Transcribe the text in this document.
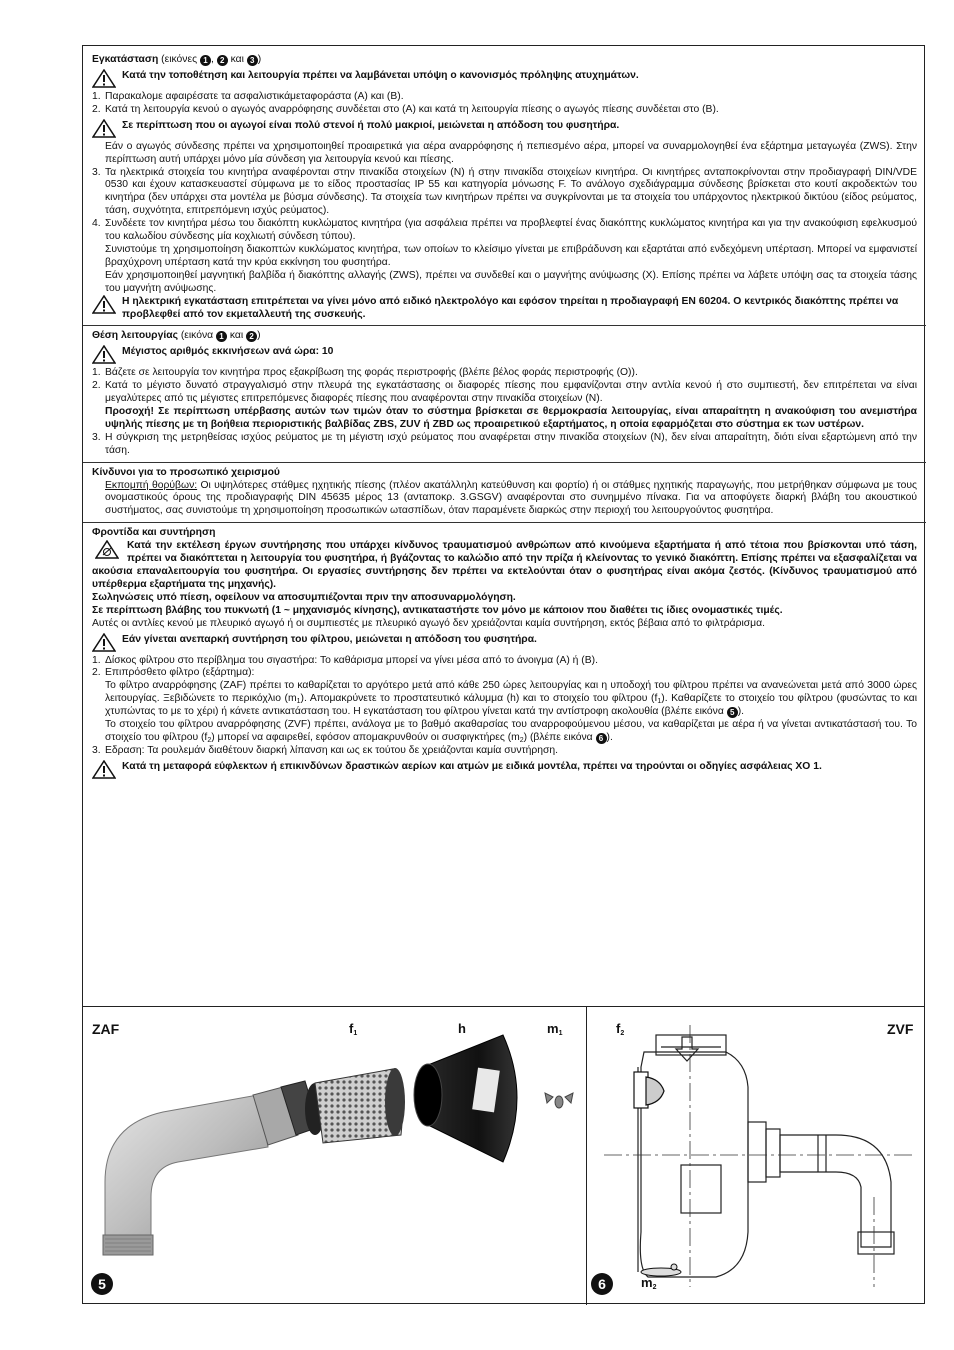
Εγκατάσταση (εικόνες 1 , 2 και 3 )

Κατά την τοποθέτηση και λειτουργία πρέπει να λαμβάνεται υπόψη ο κανονισμός πρόληψης ατυχημάτων.
1. Παρακαλομε αφαιρέσατε τα ασφαλιστικάμεταφοράστα (A) και (B).
2. Κατά τη λειτουργία κενού ο αγωγός αναρρόφησης συνδέεται στο (A) και κατά τη λειτουργία πίεσης ο αγωγός πίεσης συνδέεται στο (B).
Σε περίπτωση που οι αγωγοί είναι πολύ στενοί ή πολύ μακριοί, μειώνεται η απόδοση του φυσητήρα.

Εάν ο αγωγός σύνδεσης πρέπει να χρησιμοποιηθεί προαιρετικά για αέρα αναρρόφησης ή πεπιεσμένο αέρα, μπορεί να συναρμολογηθεί ένα εξάρτημα μεταγωγέα (ZWS). Στην περίπτωση αυτή υπάρχει μόνο μία σύνδεση για λειτουργία κενού και πίεσης.

3. Τα ηλεκτρικά στοιχεία του κινητήρα αναφέρονται στην πινακίδα στοιχείων (N) ή στην πινακίδα στοιχείων κινητήρα. Οι κινητήρες ανταποκρίνονται στην προδιαγραφή DIN/VDE 0530 και έχουν κατασκευαστεί σύμφωνα με το είδος προστασίας IP 55 και κατηγορία μόνωσης F. Το ανάλογο σχεδιάγραμμα σύνδεσης βρίσκεται στο κουτί ακροδεκτών του κινητήρα (δεν υπάρχει στα μοντέλα με βύσμα σύνδεσης). Τα στοιχεία των κινητήρων πρέπει να συγκρίνονται με τα στοιχεία του υπάρχοντος ηλεκτρικού δικτύου (είδος ρεύματος, τάση, συχνότητα, επιτρεπόμενη ισχύς ρεύματος).
4. Συνδέετε τον κινητήρα μέσω του διακόπτη κυκλώματος κινητήρα (για ασφάλεια πρέπει να προβλεφτεί ένας διακόπτης κυκλώματος κινητήρα και για την ανακούφιση εφελκυσμού του καλωδίου σύνδεσης μία κοχλιωτή σύνδεση τύπου).

Συνιστούμε τη χρησιμοποίηση διακοπτών κυκλώματος κινητήρα, των οποίων το κλείσιμο γίνεται με επιβράδυνση και εξαρτάται από ενδεχόμενη υπέρταση. Μπορεί να εμφανιστεί βραχύχρονη υπέρταση κατά την κρύα εκκίνηση του φυσητήρα.

Εάν χρησιμοποιηθεί μαγνητική βαλβίδα ή διακόπτης αλλαγής (ZWS), πρέπει να συνδεθεί και ο μαγνήτης ανύψωσης (X). Επίσης πρέπει να λάβετε υπόψη σας τα στοιχεία τάσης του μαγνήτη ανύψωσης.

Η ηλεκτρική εγκατάσταση επιτρέπεται να γίνει μόνο από ειδικό ηλεκτρολόγο και εφόσον τηρείται η προδιαγραφή EN 60204. Ο κεντρικός διακόπτης πρέπει να προβλεφθεί από τον εκμεταλλευτή της συσκευής.

Θέση λειτουργίας (εικόνα 1 και 2 )

Μέγιστος αριθμός εκκινήσεων ανά ώρα: 10
1. Βάζετε σε λειτουργία τον κινητήρα προς εξακρίβωση της φοράς περιστροφής (βλέπε βέλος φοράς περιστροφής (O)).
2. Κατά το μέγιστο δυνατό στραγγαλισμό στην πλευρά της εγκατάστασης οι διαφορές πίεσης που εμφανίζονται στην αντλία κενού ή στο συμπιεστή, δεν επιτρέπεται να είναι μεγαλύτερες από τις μέγιστες επιτρεπόμενες διαφορές πίεσης που αναφέρονται στην πινακίδα στοιχείων (N).

Προσοχή! Σε περίπτωση υπέρβασης αυτών των τιμών όταν το σύστημα βρίσκεται σε θερμοκρασία λειτουργίας, είναι απαραίτητη η ανακούφιση του ανεμιστήρα υψηλής πίεσης με τη βοήθεια περιοριστικής βαλβίδας ZBS, ZUV ή ZBD ως προαιρετικού εξαρτήματος, η οποία εφαρμόζεται στο σύστημα εκ των υστέρων.

3. Η σύγκριση της μετρηθείσας ισχύος ρεύματος με τη μέγιστη ισχύ ρεύματος που αναφέρεται στην πινακίδα στοιχείων (N), δεν είναι απαραίτητη, διότι είναι εξαρτώμενη από την τάση.

Κίνδυνοι για το προσωπικό χειρισμού

Εκπομπή θορύβων: Οι υψηλότερες στάθμες ηχητικής πίεσης (πλέον ακατάλληλη κατεύθυνση και φορτίο) ή οι στάθμες ηχητικής παραγωγής, που μετρήθηκαν σύμφωνα με τους ονομαστικούς όρους της προδιαγραφής DIN 45635 μέρος 13 (ανταποκρ. 3.GSGV) αναφέρονται στο συνημμένο πίνακα. Για να αποφύγετε διαρκή βλάβη του ακουστικού συστήματος, σας συνιστούμε τη χρησιμοποίηση προσωπικών ωτασπίδων, όταν παραμένετε διαρκώς στην περιοχή του λειτουργούντος φυσητήρα.

Φροντίδα και συντήρηση

Κατά την εκτέλεση έργων συντήρησης που υπάρχει κίνδυνος τραυματισμού ανθρώπων από κινούμενα εξαρτήματα ή από τέτοια που βρίσκονται υπό τάση, πρέπει να διακόπτεται η λειτουργία του φυσητήρα, ή βγάζοντας το καλώδιο από την πρίζα ή κλείνοντας το γενικό διακόπτη. Επίσης πρέπει να εξασφαλίζεται να ακούσια επαναλειτουργία του φυσητήρα. Οι εργασίες συντήρησης δεν πρέπει να εκτελούνται όταν ο φυσητήρας είναι ακόμα ζεστός. (Κίνδυνος τραυματισμού από υπέρθερμα εξαρτήματα της μηχανής).

Σωληνώσεις υπό πίεση, οφείλουν να αποσυμπιέζονται πριν την αποσυναρμολόγηση.

Σε περίπτωση βλάβης του πυκνωτή (1 ~ μηχανισμός κίνησης), αντικαταστήστε τον μόνο με κάποιον που διαθέτει τις ίδιες ονομαστικές τιμές.

Αυτές οι αντλίες κενού με πλευρικό αγωγό ή οι συμπιεστές με πλευρικό αγωγό δεν χρειάζονται καμία συντήρηση, εκτός βέβαια από το φιλτράρισμα.

Εάν γίνεται ανεπαρκή συντήρηση του φίλτρου, μειώνεται η απόδοση του φυσητήρα.
1. Δίσκος φίλτρου στο περίβλημα του σιγαστήρα: Το καθάρισμα μπορεί να γίνει μέσα από το άνοιγμα (A) ή (B).
2. Επιπρόσθετο φίλτρο (εξάρτημα):

Το φίλτρο αναρρόφησης (ZAF) πρέπει το καθαρίζεται το αργότερο μετά από κάθε 250 ώρες λειτουργίας και η υποδοχή του φίλτρου πρέπει να ανανεώνεται μετά από 3000 ώρες λειτουργίας. Ξεβιδώνετε το περικόχλιο $(m_1)$. Απομακρύνετε το προστατευτικό κάλυμμα (h) και το στοιχείο του φίλτρου $(f_1)$. Καθαρίζετε το στοιχείο του φίλτρου (φυσώντας το και χτυπώντας το με το χέρι) ή κάνετε αντικατάσταση του. Η εγκατάσταση του φίλτρου γίνεται κατά την αντίστροφη ακολουθία (βλέπε εικόνα 5 ).

Το στοιχείο του φίλτρου αναρρόφησης (ZVF) πρέπει, ανάλογα με το βαθμό ακαθαρσίας του αναρροφούμενου μέσου, να καθαρίζεται με αέρα ή να γίνεται αντικατάστασή του. Το στοιχείο του φίλτρου $(f_2)$ μπορεί να αφαιρεθεί, εφόσον απομακρυνθούν οι συσφιγκτήρες $(m_2)$ (βλέπε εικόνα 6 ).

3. Εδραση: Τα ρουλεμάν διαθέτουν διαρκή λίπανση και ως εκ τούτου δε χρειάζονται καμία συντήρηση.
Κατά τη μεταφορά εύφλεκτων ή επικινδύνων δραστικών αερίων και ατμών με ειδικά μοντέλα, πρέπει να τηρούνται οι οδηγίες ασφάλειας XO 1.
ZAF	$f_1$	h	$m_1$	$f_2$	ZVF
$m_2$
5	6
